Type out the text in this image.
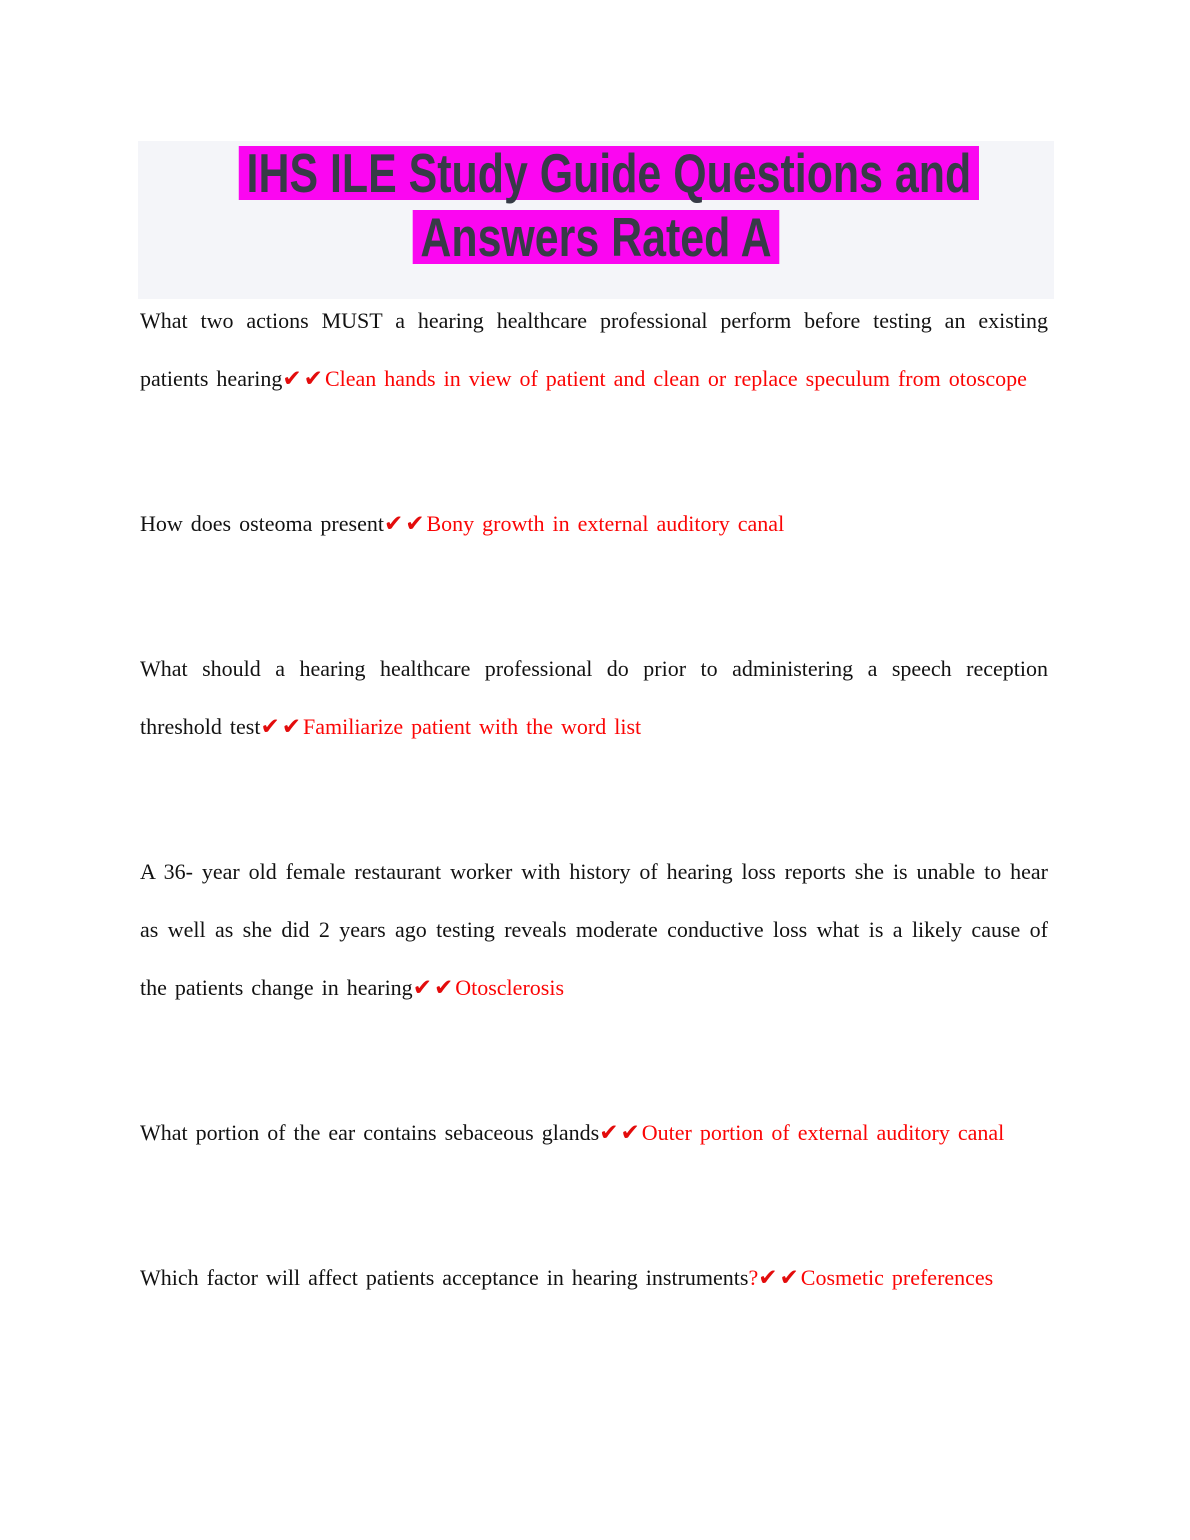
IHS ILE Study Guide Questions and
Answers Rated A
What two actions MUST a hearing healthcare professional perform before testing an existing
patients hearing✔✔Clean hands in view of patient and clean or replace speculum from otoscope
How does osteoma present✔✔Bony growth in external auditory canal
What should a hearing healthcare professional do prior to administering a speech reception
threshold test✔✔Familiarize patient with the word list
A 36- year old female restaurant worker with history of hearing loss reports she is unable to hear
as well as she did 2 years ago testing reveals moderate conductive loss what is a likely cause of
the patients change in hearing✔✔Otosclerosis
What portion of the ear contains sebaceous glands✔✔Outer portion of external auditory canal
Which factor will affect patients acceptance in hearing instruments?✔✔Cosmetic preferences
